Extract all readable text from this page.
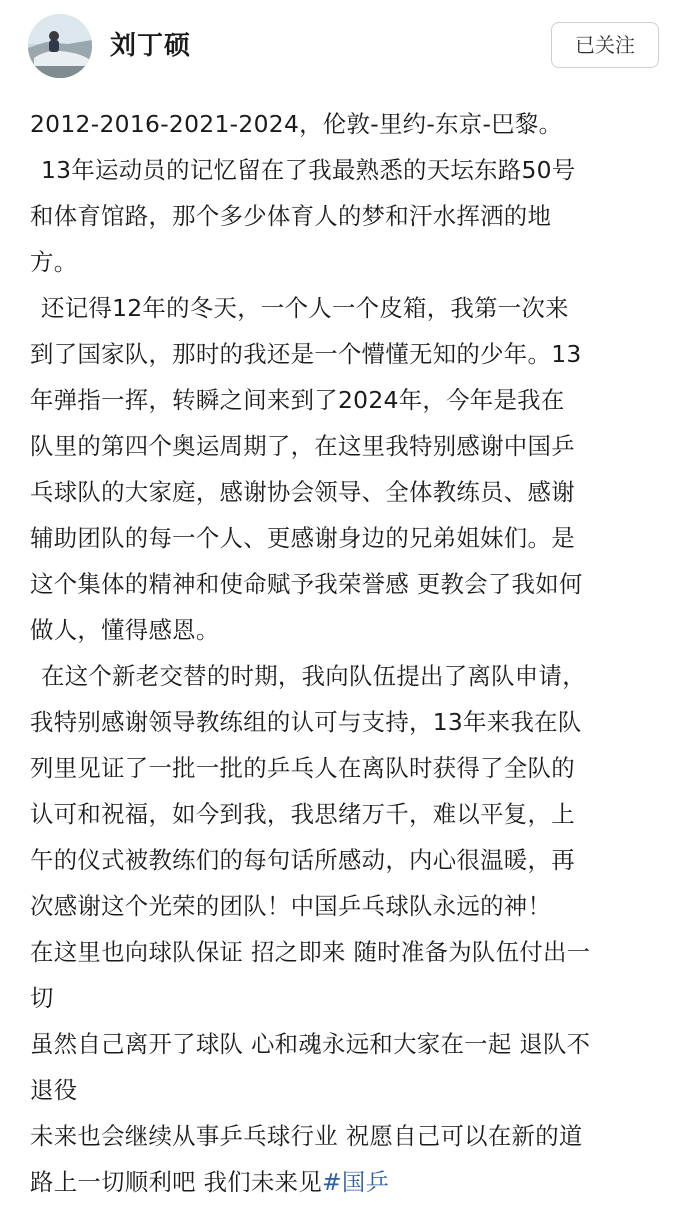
刘丁硕	已关注
2012-2016-2021-2024，伦敦-里约-东京-巴黎。
13年运动员的记忆留在了我最熟悉的天坛东路50号
和体育馆路，那个多少体育人的梦和汗水挥洒的地
方。
还记得12年的冬天，一个人一个皮箱，我第一次来
到了国家队，那时的我还是一个懵懂无知的少年。13
年弹指一挥，转瞬之间来到了2024年，今年是我在
队里的第四个奥运周期了，在这里我特别感谢中国乒
乓球队的大家庭，感谢协会领导、全体教练员、感谢
辅助团队的每一个人、更感谢身边的兄弟姐妹们。是
这个集体的精神和使命赋予我荣誉感 更教会了我如何
做人，懂得感恩。
在这个新老交替的时期，我向队伍提出了离队申请，
我特别感谢领导教练组的认可与支持，13年来我在队
列里见证了一批一批的乒乓人在离队时获得了全队的
认可和祝福，如今到我，我思绪万千，难以平复，上
午的仪式被教练们的每句话所感动，内心很温暖，再
次感谢这个光荣的团队！中国乒乓球队永远的神！
在这里也向球队保证 招之即来 随时准备为队伍付出一
切
虽然自己离开了球队 心和魂永远和大家在一起 退队不
退役
未来也会继续从事乒乓球行业 祝愿自己可以在新的道
路上一切顺利吧 我们未来见#国乒
